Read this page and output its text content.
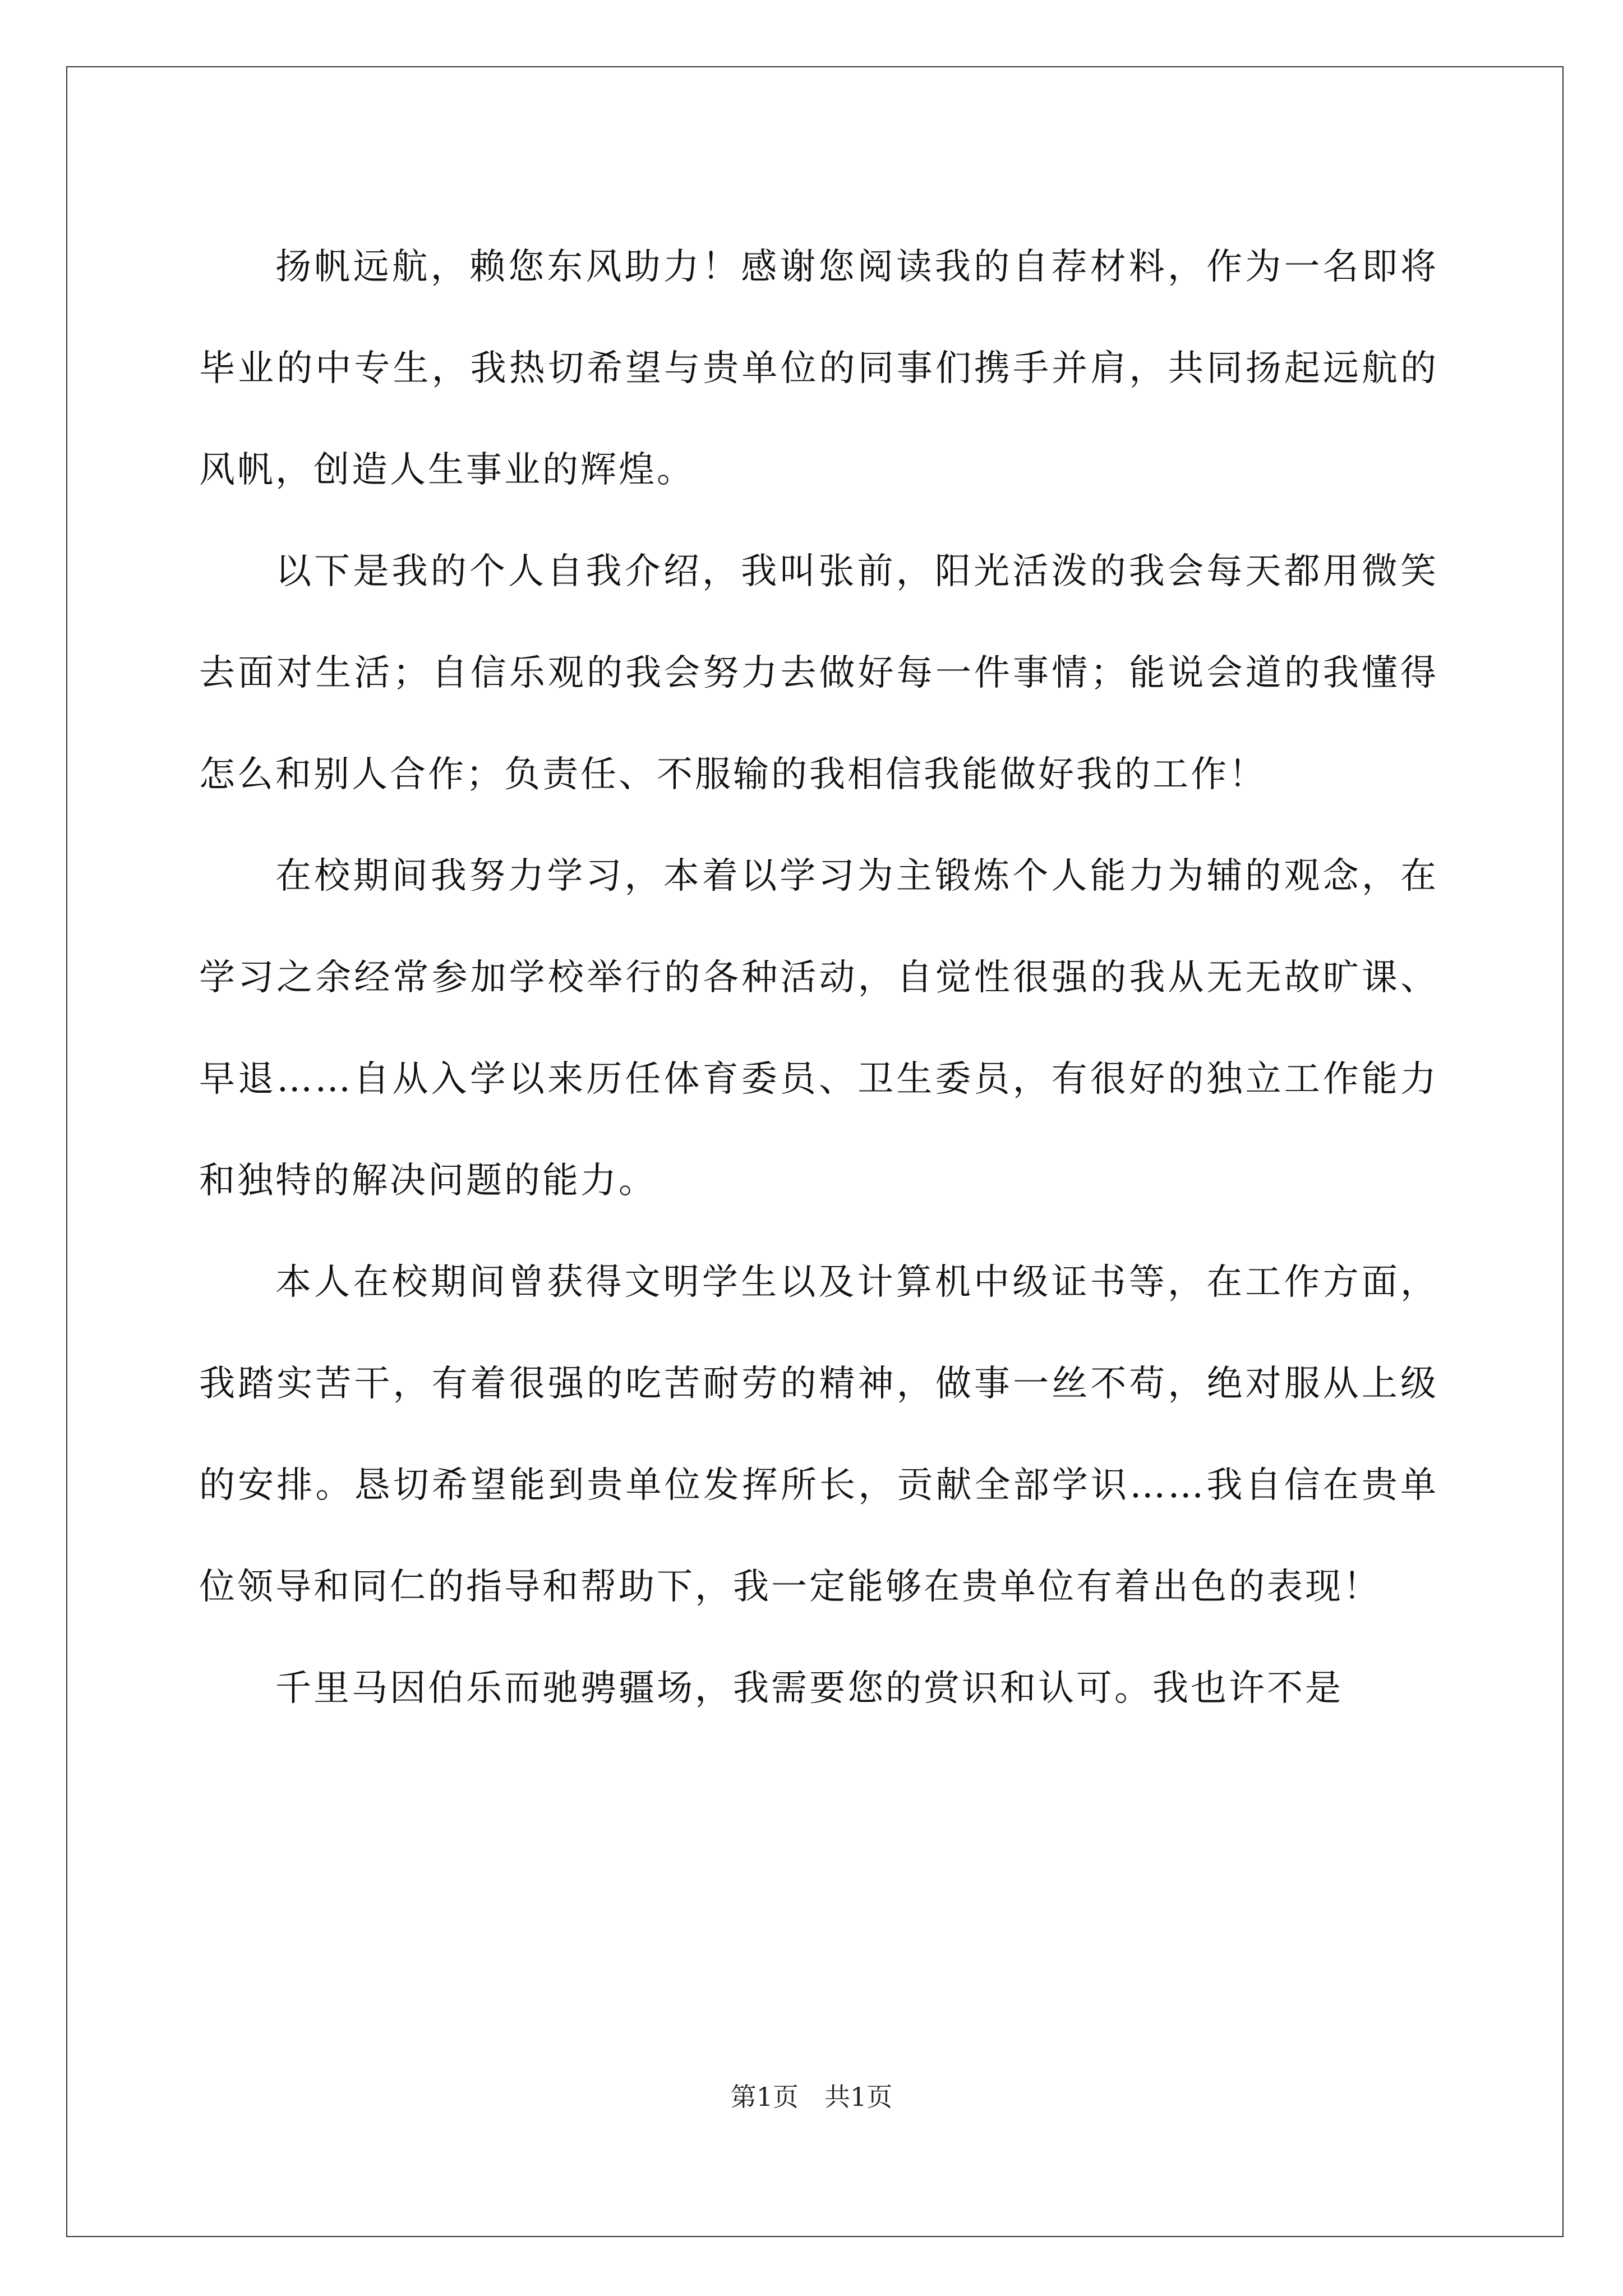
扬帆远航，赖您东风助力！感谢您阅读我的自荐材料，作为一名即将毕业的中专生，我热切希望与贵单位的同事们携手并肩，共同扬起远航的风帆，创造人生事业的辉煌。

以下是我的个人自我介绍，我叫张前，阳光活泼的我会每天都用微笑去面对生活；自信乐观的我会努力去做好每一件事情；能说会道的我懂得怎么和别人合作；负责任、不服输的我相信我能做好我的工作！

在校期间我努力学习，本着以学习为主锻炼个人能力为辅的观念，在学习之余经常参加学校举行的各种活动，自觉性很强的我从无无故旷课、早退……自从入学以来历任体育委员、卫生委员，有很好的独立工作能力和独特的解决问题的能力。

本人在校期间曾获得文明学生以及计算机中级证书等，在工作方面，我踏实苦干，有着很强的吃苦耐劳的精神，做事一丝不苟，绝对服从上级的安排。恳切希望能到贵单位发挥所长，贡献全部学识……我自信在贵单位领导和同仁的指导和帮助下，我一定能够在贵单位有着出色的表现！

千里马因伯乐而驰骋疆场，我需要您的赏识和认可。我也许不是

第1页　共1页
